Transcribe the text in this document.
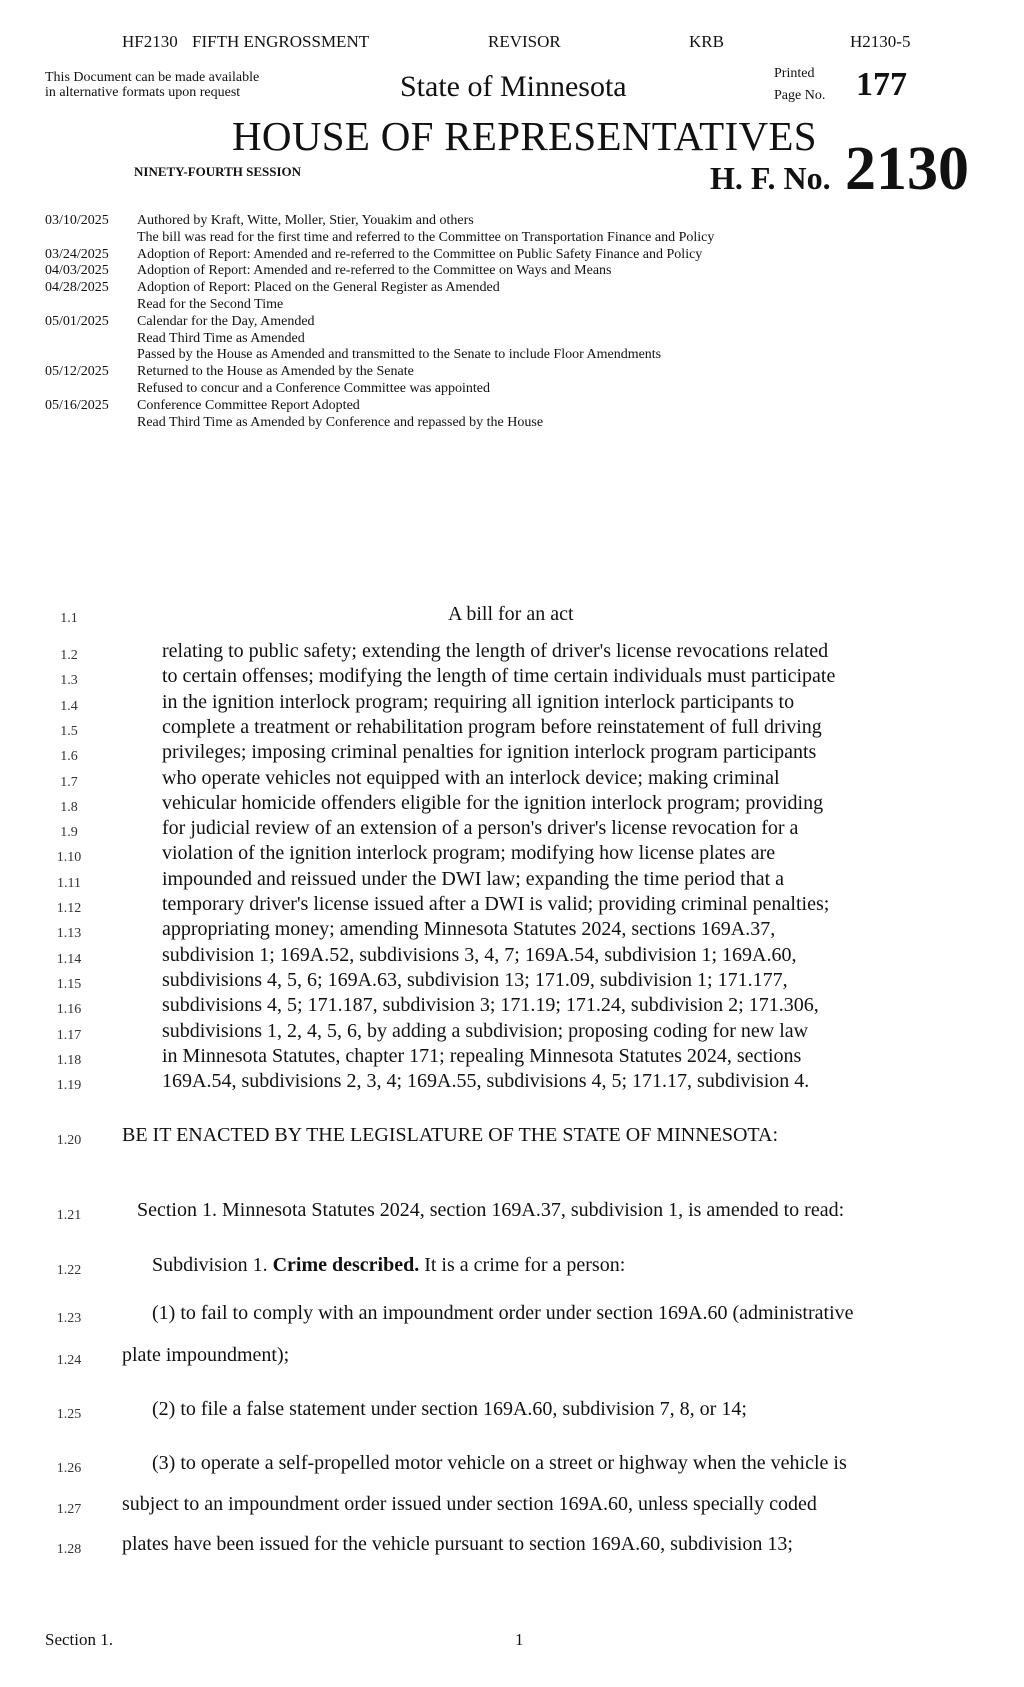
HF2130 FIFTH ENGROSSMENT	REVISOR	KRB	H2130-5
This Document can be made available
in alternative formats upon request	State of Minnesota	Printed
Page No. 177
HOUSE OF REPRESENTATIVES
NINETY-FOURTH SESSION	H. F. No. 2130
03/10/2025	Authored by Kraft, Witte, Moller, Stier, Youakim and others
The bill was read for the first time and referred to the Committee on Transportation Finance and Policy
03/24/2025	Adoption of Report: Amended and re-referred to the Committee on Public Safety Finance and Policy
04/03/2025	Adoption of Report: Amended and re-referred to the Committee on Ways and Means
04/28/2025	Adoption of Report: Placed on the General Register as Amended
Read for the Second Time
05/01/2025	Calendar for the Day, Amended
Read Third Time as Amended
Passed by the House as Amended and transmitted to the Senate to include Floor Amendments
05/12/2025	Returned to the House as Amended by the Senate
Refused to concur and a Conference Committee was appointed
05/16/2025	Conference Committee Report Adopted
Read Third Time as Amended by Conference and repassed by the House
1.1	A bill for an act
1.2	relating to public safety; extending the length of driver's license revocations related
1.3	to certain offenses; modifying the length of time certain individuals must participate
1.4	in the ignition interlock program; requiring all ignition interlock participants to
1.5	complete a treatment or rehabilitation program before reinstatement of full driving
1.6	privileges; imposing criminal penalties for ignition interlock program participants
1.7	who operate vehicles not equipped with an interlock device; making criminal
1.8	vehicular homicide offenders eligible for the ignition interlock program; providing
1.9	for judicial review of an extension of a person's driver's license revocation for a
1.10	violation of the ignition interlock program; modifying how license plates are
1.11	impounded and reissued under the DWI law; expanding the time period that a
1.12	temporary driver's license issued after a DWI is valid; providing criminal penalties;
1.13	appropriating money; amending Minnesota Statutes 2024, sections 169A.37,
1.14	subdivision 1; 169A.52, subdivisions 3, 4, 7; 169A.54, subdivision 1; 169A.60,
1.15	subdivisions 4, 5, 6; 169A.63, subdivision 13; 171.09, subdivision 1; 171.177,
1.16	subdivisions 4, 5; 171.187, subdivision 3; 171.19; 171.24, subdivision 2; 171.306,
1.17	subdivisions 1, 2, 4, 5, 6, by adding a subdivision; proposing coding for new law
1.18	in Minnesota Statutes, chapter 171; repealing Minnesota Statutes 2024, sections
1.19	169A.54, subdivisions 2, 3, 4; 169A.55, subdivisions 4, 5; 171.17, subdivision 4.
1.20	BE IT ENACTED BY THE LEGISLATURE OF THE STATE OF MINNESOTA:
1.21	Section 1. Minnesota Statutes 2024, section 169A.37, subdivision 1, is amended to read:
1.22	Subdivision 1. Crime described. It is a crime for a person:
1.23	(1) to fail to comply with an impoundment order under section 169A.60 (administrative
1.24	plate impoundment);
1.25	(2) to file a false statement under section 169A.60, subdivision 7, 8, or 14;
1.26	(3) to operate a self-propelled motor vehicle on a street or highway when the vehicle is
1.27	subject to an impoundment order issued under section 169A.60, unless specially coded
1.28	plates have been issued for the vehicle pursuant to section 169A.60, subdivision 13;
Section 1.	1
